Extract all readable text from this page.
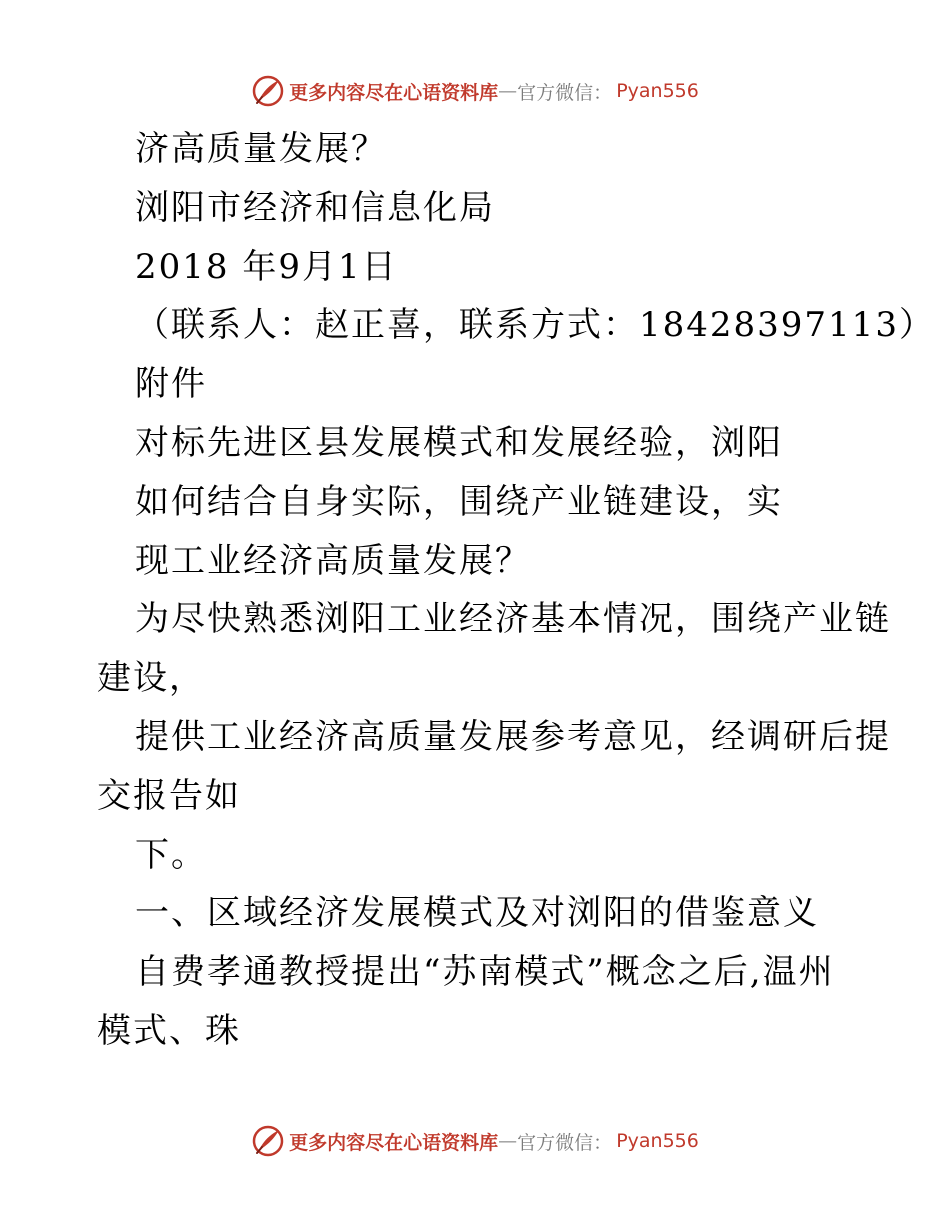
更多内容尽在心语资料库 — 官方微信： Pyan556
济高质量发展？
浏阳市经济和信息化局
2018 年9月1日
（联系人：赵正喜，联系方式：18428397113）
附件
对标先进区县发展模式和发展经验，浏阳
如何结合自身实际，围绕产业链建设，实
现工业经济高质量发展？
为尽快熟悉浏阳工业经济基本情况，围绕产业链
建设，
提供工业经济高质量发展参考意见，经调研后提
交报告如
下。
一、区域经济发展模式及对浏阳的借鉴意义
自费孝通教授提出“苏南模式”概念之后,温州
模式、珠
更多内容尽在心语资料库 — 官方微信： Pyan556
